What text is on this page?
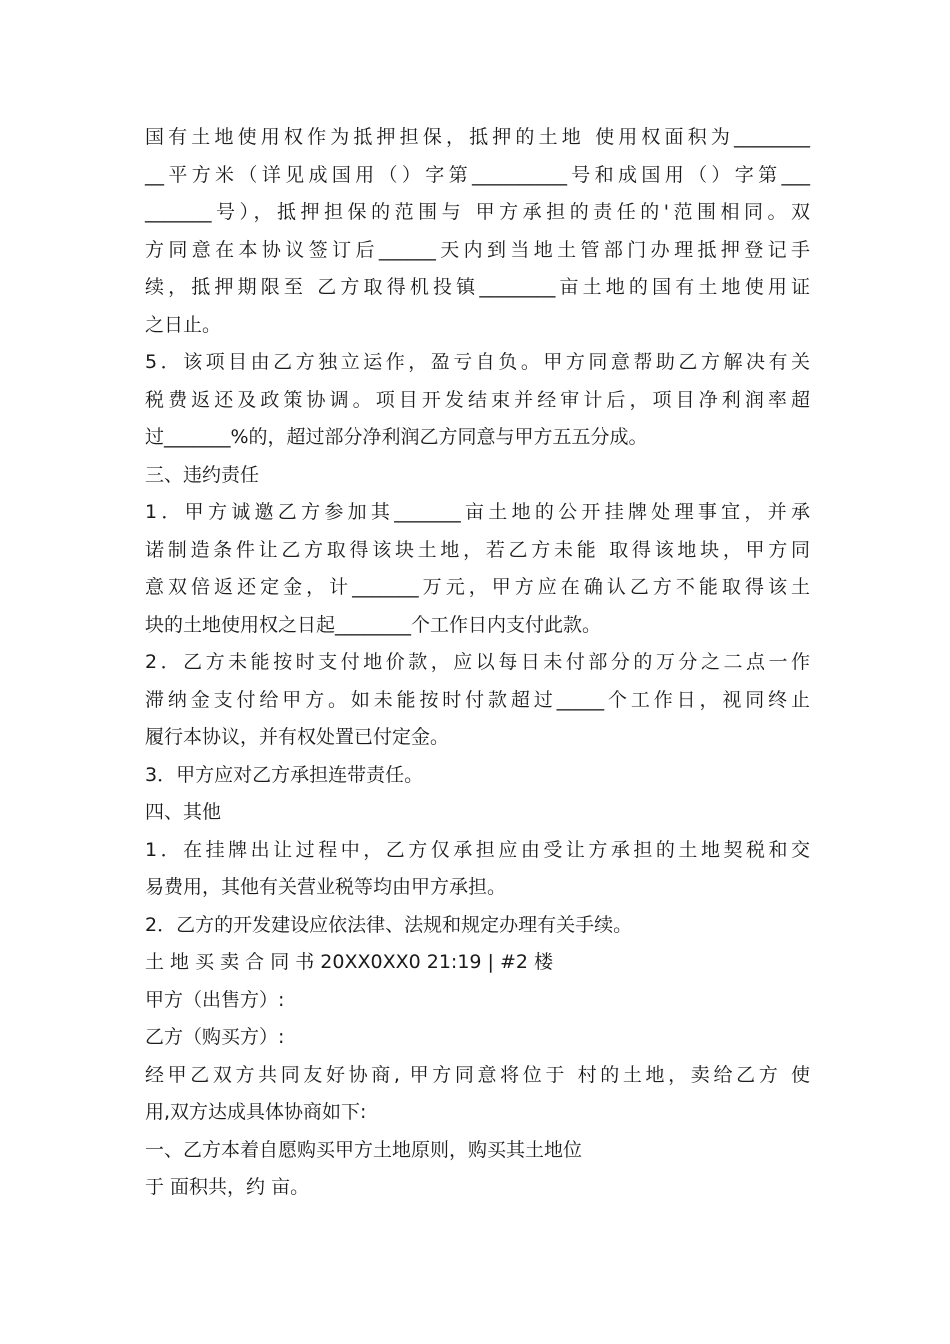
国有土地使用权作为抵押担保，抵押的土地 使用权面积为________
__平方米（详见成国用（）字第__________号和成国用（）字第___
_______号），抵押担保的范围与 甲方承担的责任的'范围相同。双
方同意在本协议签订后______天内到当地土管部门办理抵押登记手
续，抵押期限至 乙方取得机投镇________亩土地的国有土地使用证
之日止。
5．该项目由乙方独立运作，盈亏自负。甲方同意帮助乙方解决有关
税费返还及政策协调。项目开发结束并经审计后，项目净利润率超
过_______%的，超过部分净利润乙方同意与甲方五五分成。
三、违约责任
1．甲方诚邀乙方参加其_______亩土地的公开挂牌处理事宜，并承
诺制造条件让乙方取得该块土地，若乙方未能 取得该地块，甲方同
意双倍返还定金，计_______万元，甲方应在确认乙方不能取得该土
块的土地使用权之日起________个工作日内支付此款。
2．乙方未能按时支付地价款，应以每日未付部分的万分之二点一作
滞纳金支付给甲方。如未能按时付款超过_____个工作日，视同终止
履行本协议，并有权处置已付定金。
3．甲方应对乙方承担连带责任。
四、其他
1．在挂牌出让过程中，乙方仅承担应由受让方承担的土地契税和交
易费用，其他有关营业税等均由甲方承担。
2．乙方的开发建设应依法律、法规和规定办理有关手续。
土 地 买 卖 合 同 书 20XX0XX0 21:19 | #2 楼
甲方（出售方）:
乙方（购买方）:
经甲乙双方共同友好协商, 甲方同意将位于 村的土地，卖给乙方 使
用,双方达成具体协商如下:
一、乙方本着自愿购买甲方土地原则，购买其土地位
于 面积共，约 亩。
